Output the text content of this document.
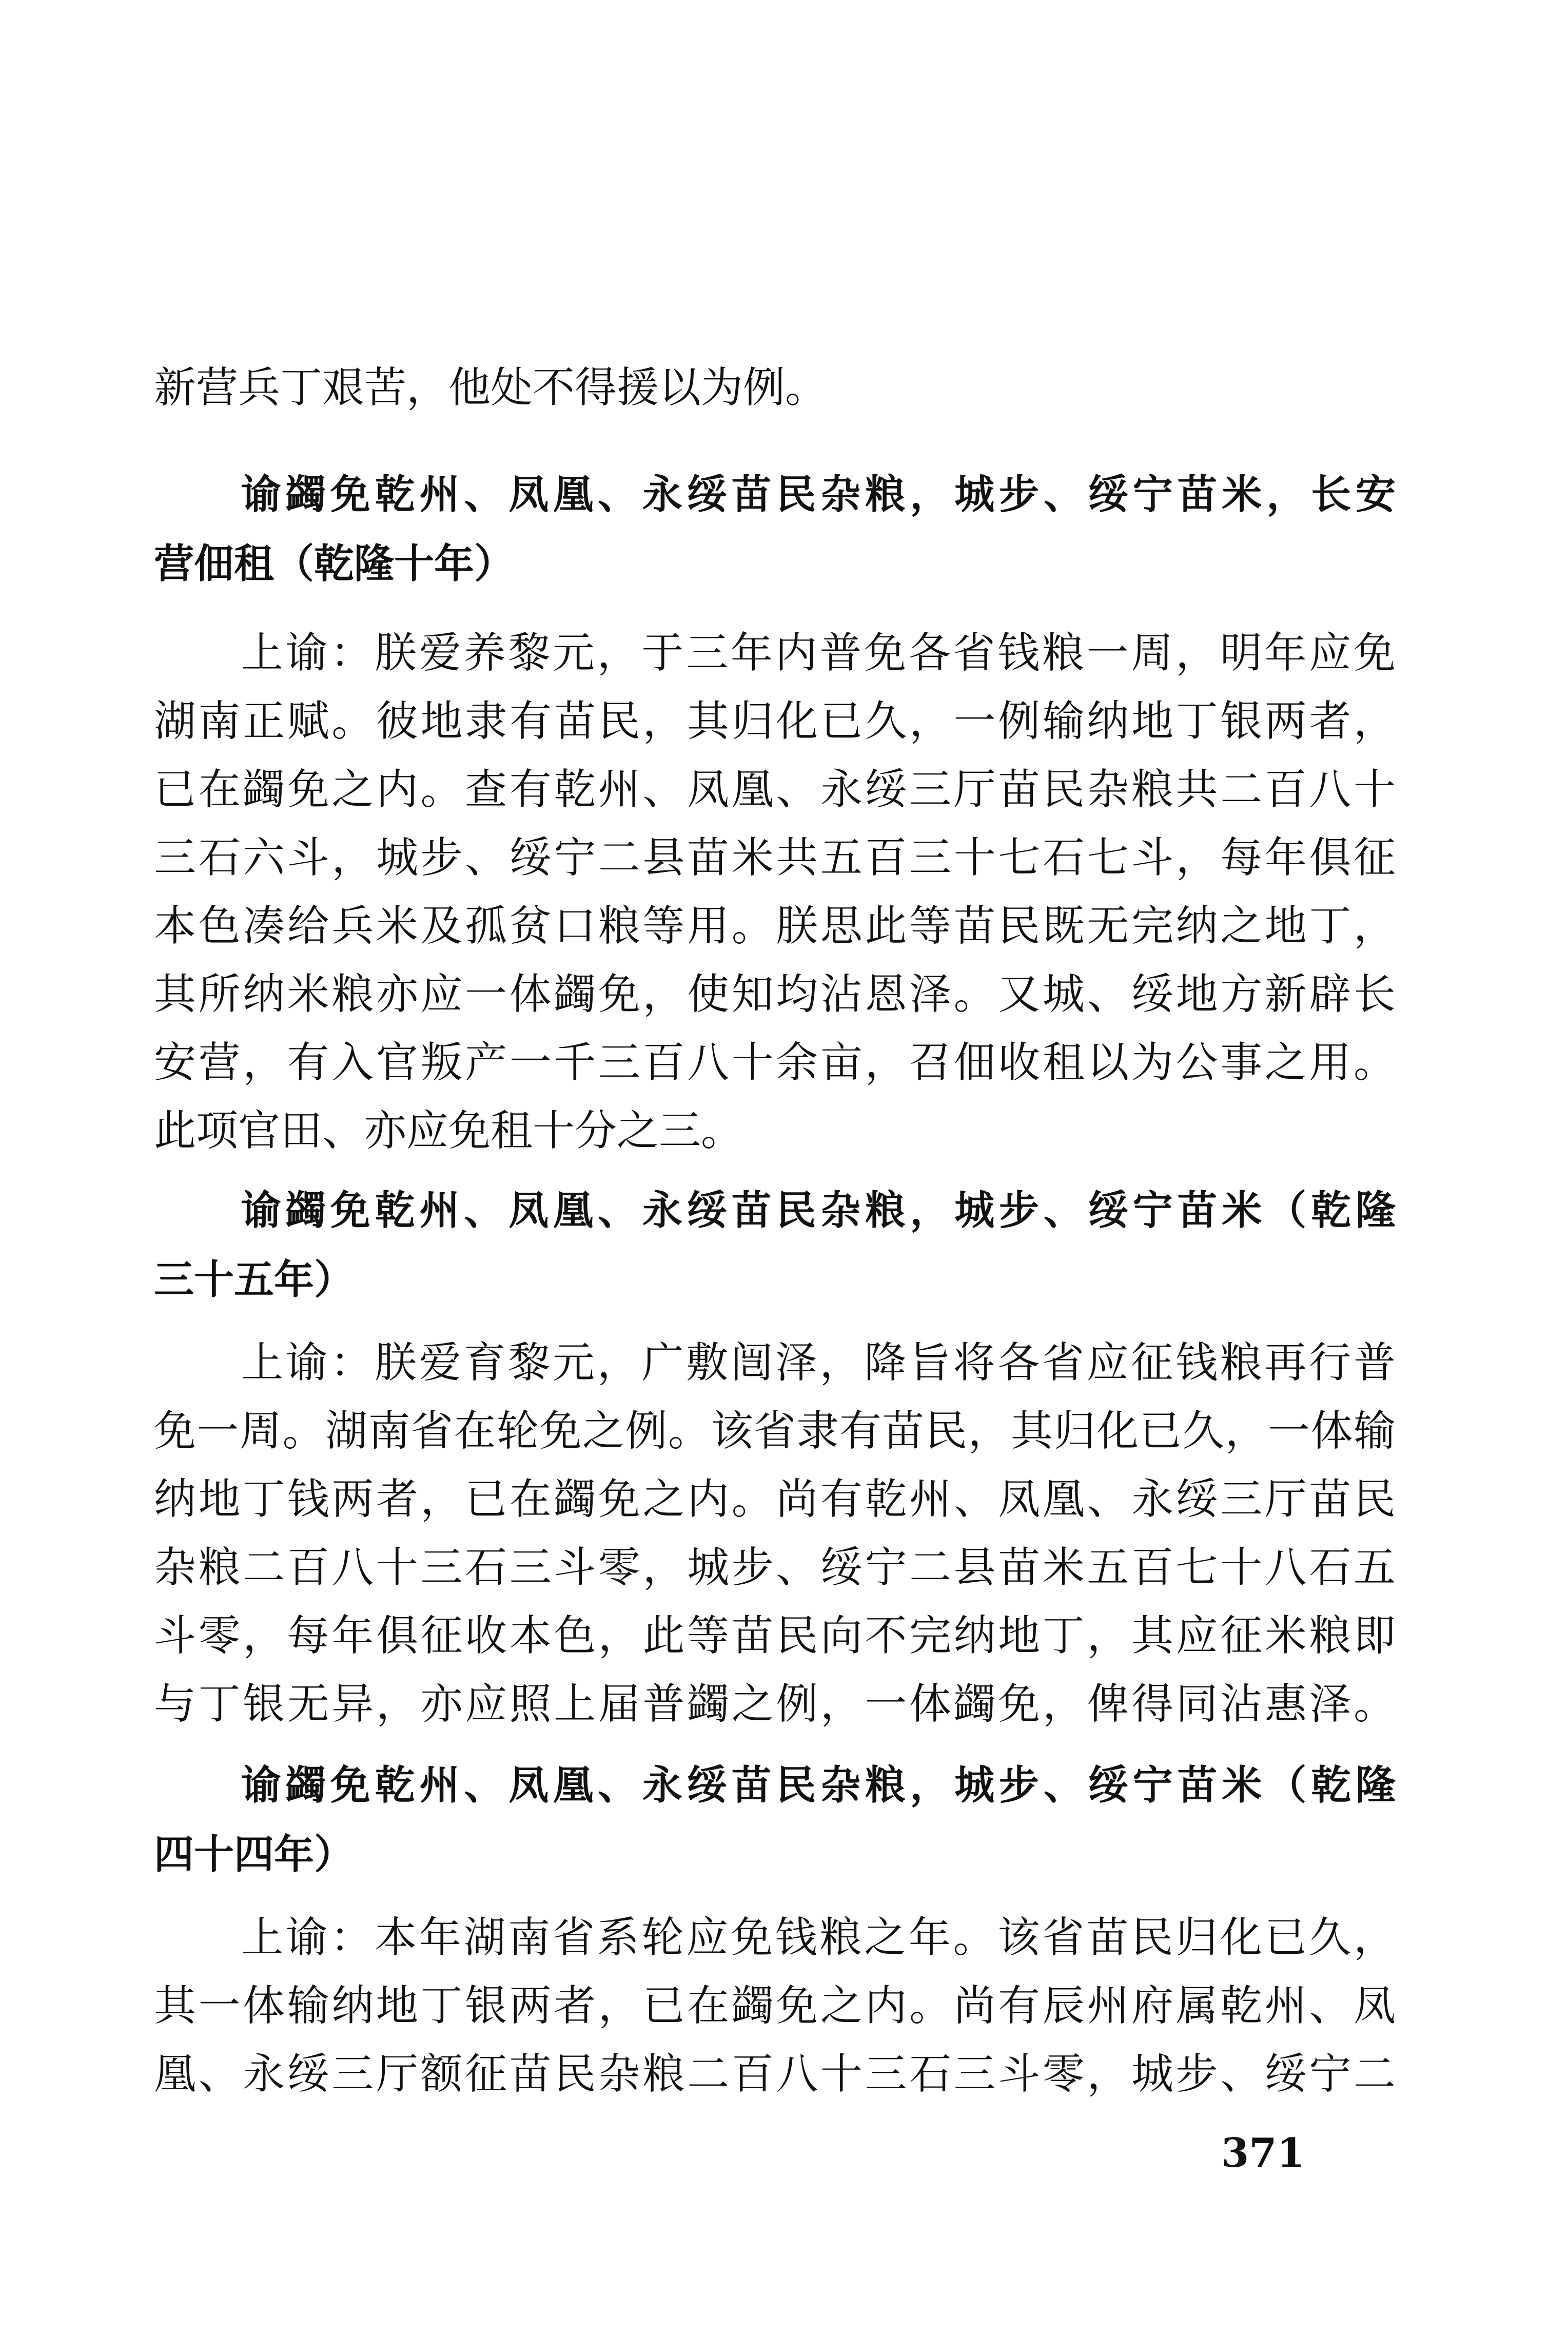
新营兵丁艰苦，他处不得援以为例。
谕蠲免乾州、凤凰、永绥苗民杂粮，城步、绥宁苗米，长安
营佃租（乾隆十年）
上谕：朕爱养黎元，于三年内普免各省钱粮一周，明年应免
湖南正赋。彼地隶有苗民，其归化已久，一例输纳地丁银两者，
已在蠲免之内。查有乾州、凤凰、永绥三厅苗民杂粮共二百八十
三石六斗，城步、绥宁二县苗米共五百三十七石七斗，每年俱征
本色凑给兵米及孤贫口粮等用。朕思此等苗民既无完纳之地丁，
其所纳米粮亦应一体蠲免，使知均沾恩泽。又城、绥地方新辟长
安营，有入官叛产一千三百八十余亩，召佃收租以为公事之用。
此项官田、亦应免租十分之三。
谕蠲免乾州、凤凰、永绥苗民杂粮，城步、绥宁苗米（乾隆
三十五年）
上谕：朕爱育黎元，广敷闿泽，降旨将各省应征钱粮再行普
免一周。湖南省在轮免之例。该省隶有苗民，其归化已久，一体输
纳地丁钱两者，已在蠲免之内。尚有乾州、凤凰、永绥三厅苗民
杂粮二百八十三石三斗零，城步、绥宁二县苗米五百七十八石五
斗零，每年俱征收本色，此等苗民向不完纳地丁，其应征米粮即
与丁银无异，亦应照上届普蠲之例，一体蠲免，俾得同沾惠泽。
谕蠲免乾州、凤凰、永绥苗民杂粮，城步、绥宁苗米（乾隆
四十四年）
上谕：本年湖南省系轮应免钱粮之年。该省苗民归化已久，
其一体输纳地丁银两者，已在蠲免之内。尚有辰州府属乾州、凤
凰、永绥三厅额征苗民杂粮二百八十三石三斗零，城步、绥宁二
371
